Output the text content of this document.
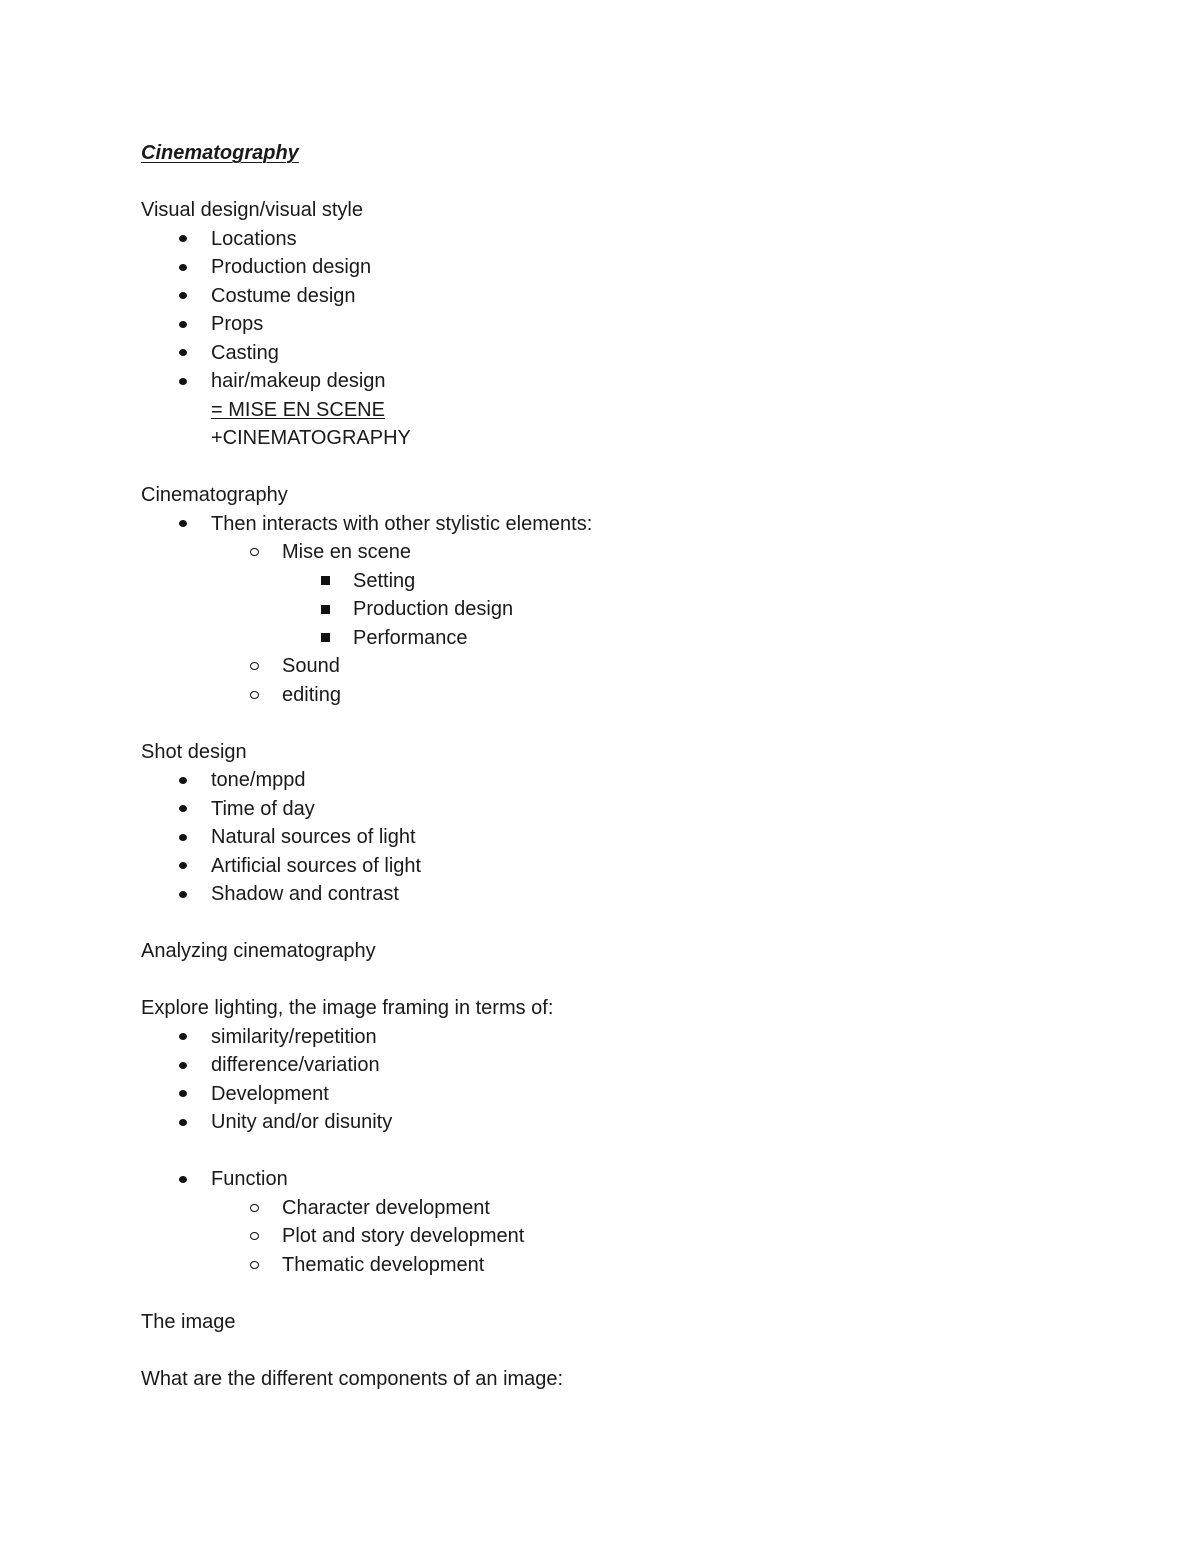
Cinematography
Visual design/visual style
Locations
Production design
Costume design
Props
Casting
hair/makeup design
= MISE EN SCENE
+CINEMATOGRAPHY
Cinematography
Then interacts with other stylistic elements:
Mise en scene
Setting
Production design
Performance
Sound
editing
Shot design
tone/mppd
Time of day
Natural sources of light
Artificial sources of light
Shadow and contrast
Analyzing cinematography
Explore lighting, the image framing in terms of:
similarity/repetition
difference/variation
Development
Unity and/or disunity
Function
Character development
Plot and story development
Thematic development
The image
What are the different components of an image:
